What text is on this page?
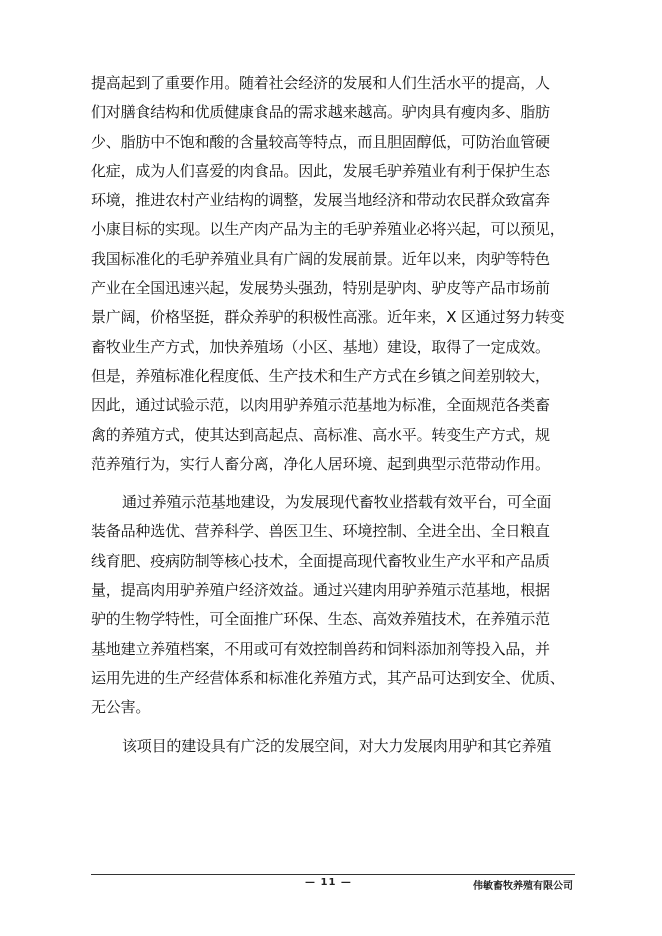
提高起到了重要作用。随着社会经济的发展和人们生活水平的提高，人
们对膳食结构和优质健康食品的需求越来越高。驴肉具有瘦肉多、脂肪
少、脂肪中不饱和酸的含量较高等特点，而且胆固醇低，可防治血管硬
化症，成为人们喜爱的肉食品。因此，发展毛驴养殖业有利于保护生态
环境，推进农村产业结构的调整，发展当地经济和带动农民群众致富奔
小康目标的实现。以生产肉产品为主的毛驴养殖业必将兴起，可以预见，
我国标准化的毛驴养殖业具有广阔的发展前景。近年以来，肉驴等特色
产业在全国迅速兴起，发展势头强劲，特别是驴肉、驴皮等产品市场前
景广阔，价格坚挺，群众养驴的积极性高涨。近年来，X 区通过努力转变
畜牧业生产方式，加快养殖场（小区、基地）建设，取得了一定成效。
但是，养殖标准化程度低、生产技术和生产方式在乡镇之间差别较大，
因此，通过试验示范，以肉用驴养殖示范基地为标准，全面规范各类畜
禽的养殖方式，使其达到高起点、高标准、高水平。转变生产方式，规
范养殖行为，实行人畜分离，净化人居环境、起到典型示范带动作用。
通过养殖示范基地建设，为发展现代畜牧业搭载有效平台，可全面
装备品种选优、营养科学、兽医卫生、环境控制、全进全出、全日粮直
线育肥、疫病防制等核心技术，全面提高现代畜牧业生产水平和产品质
量，提高肉用驴养殖户经济效益。通过兴建肉用驴养殖示范基地，根据
驴的生物学特性，可全面推广环保、生态、高效养殖技术，在养殖示范
基地建立养殖档案，不用或可有效控制兽药和饲料添加剂等投入品，并
运用先进的生产经营体系和标准化养殖方式，其产品可达到安全、优质、
无公害。
该项目的建设具有广泛的发展空间，对大力发展肉用驴和其它养殖
— 11 —	伟敏畜牧养殖有限公司
